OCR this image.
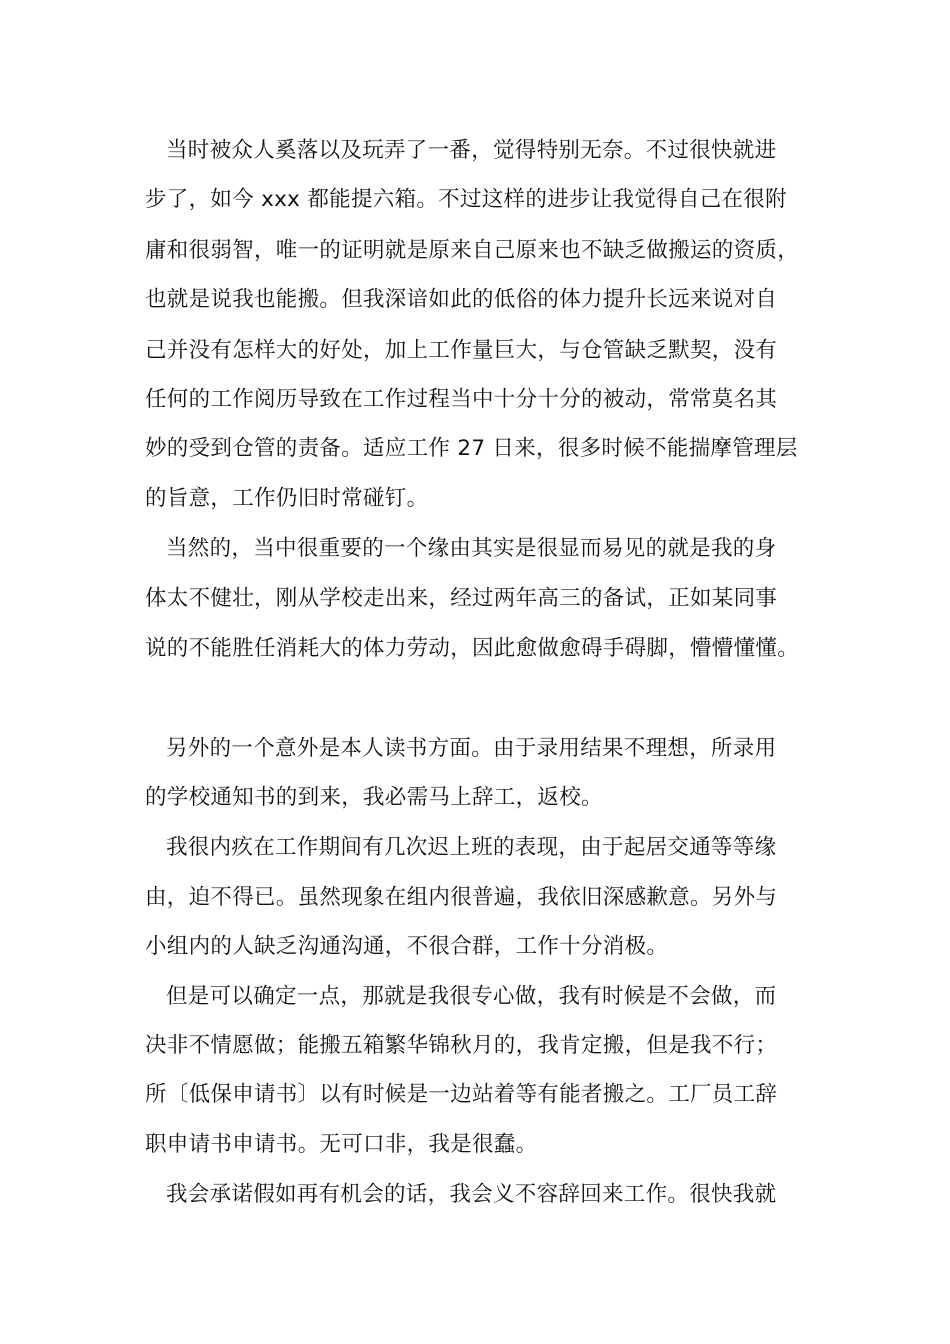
当时被众人奚落以及玩弄了一番，觉得特别无奈。不过很快就进
步了，如今 xxx 都能提六箱。不过这样的进步让我觉得自己在很附
庸和很弱智，唯一的证明就是原来自己原来也不缺乏做搬运的资质，
也就是说我也能搬。但我深谙如此的低俗的体力提升长远来说对自
己并没有怎样大的好处，加上工作量巨大，与仓管缺乏默契，没有
任何的工作阅历导致在工作过程当中十分十分的被动，常常莫名其
妙的受到仓管的责备。适应工作 27 日来，很多时候不能揣摩管理层
的旨意，工作仍旧时常碰钉。
当然的，当中很重要的一个缘由其实是很显而易见的就是我的身
体太不健壮，刚从学校走出来，经过两年高三的备试，正如某同事
说的不能胜任消耗大的体力劳动，因此愈做愈碍手碍脚，懵懵懂懂。
另外的一个意外是本人读书方面。由于录用结果不理想，所录用
的学校通知书的到来，我必需马上辞工，返校。
我很内疚在工作期间有几次迟上班的表现，由于起居交通等等缘
由，迫不得已。虽然现象在组内很普遍，我依旧深感歉意。另外与
小组内的人缺乏沟通沟通，不很合群，工作十分消极。
但是可以确定一点，那就是我很专心做，我有时候是不会做，而
决非不情愿做；能搬五箱繁华锦秋月的，我肯定搬，但是我不行；
所〔低保申请书〕以有时候是一边站着等有能者搬之。工厂员工辞
职申请书申请书。无可口非，我是很蠢。
我会承诺假如再有机会的话，我会义不容辞回来工作。很快我就
